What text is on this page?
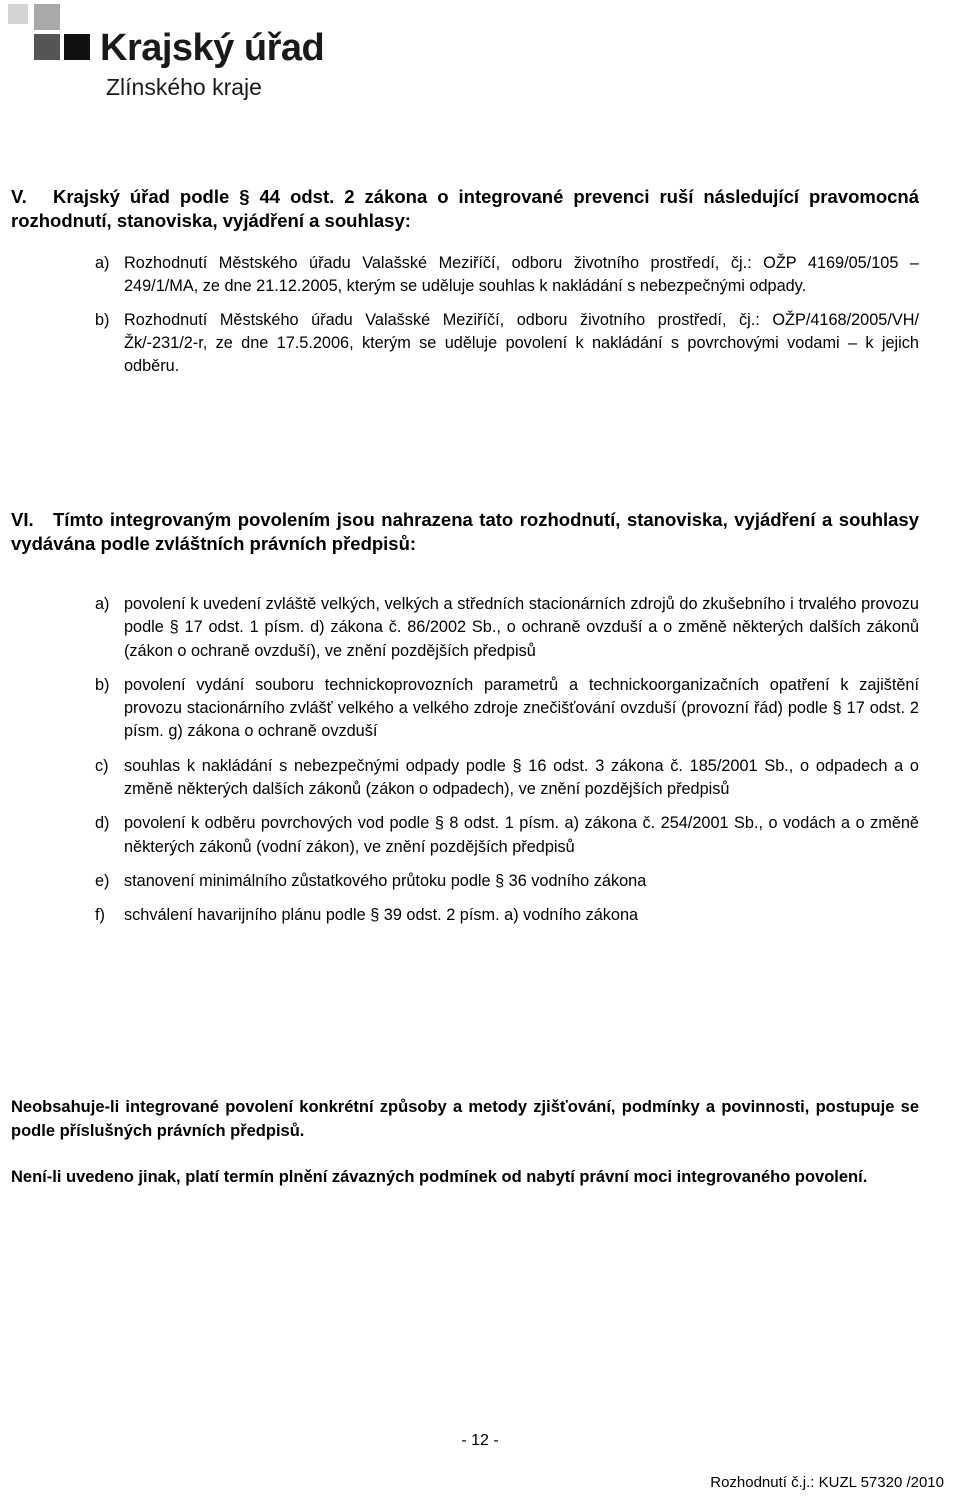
Krajský úřad
Zlínského kraje
V. Krajský úřad podle § 44 odst. 2 zákona o integrované prevenci ruší následující pravomocná rozhodnutí, stanoviska, vyjádření a souhlasy:
a) Rozhodnutí Městského úřadu Valašské Meziříčí, odboru životního prostředí, čj.: OŽP 4169/05/105 – 249/1/MA, ze dne 21.12.2005, kterým se uděluje souhlas k nakládání s nebezpečnými odpady.
b) Rozhodnutí Městského úřadu Valašské Meziříčí, odboru životního prostředí, čj.: OŽP/4168/2005/VH/Žk/-231/2-r, ze dne 17.5.2006, kterým se uděluje povolení k nakládání s povrchovými vodami – k jejich odběru.
VI. Tímto integrovaným povolením jsou nahrazena tato rozhodnutí, stanoviska, vyjádření a souhlasy vydávána podle zvláštních právních předpisů:
a) povolení k uvedení zvláště velkých, velkých a středních stacionárních zdrojů do zkušebního i trvalého provozu podle § 17 odst. 1 písm. d) zákona č. 86/2002 Sb., o ochraně ovzduší a o změně některých dalších zákonů (zákon o ochraně ovzduší), ve znění pozdějších předpisů
b) povolení vydání souboru technickoprovozních parametrů a technickoorganizačních opatření k zajištění provozu stacionárního zvlášť velkého a velkého zdroje znečišťování ovzduší (provozní řád) podle § 17 odst. 2 písm. g) zákona o ochraně ovzduší
c) souhlas k nakládání s nebezpečnými odpady podle § 16 odst. 3 zákona č. 185/2001 Sb., o odpadech a o změně některých dalších zákonů (zákon o odpadech), ve znění pozdějších předpisů
d) povolení k odběru povrchových vod podle § 8 odst. 1 písm. a) zákona č. 254/2001 Sb., o vodách a o změně některých zákonů (vodní zákon), ve znění pozdějších předpisů
e) stanovení minimálního zůstatkového průtoku podle § 36 vodního zákona
f) schválení havarijního plánu podle § 39 odst. 2 písm. a) vodního zákona
Neobsahuje-li integrované povolení konkrétní způsoby a metody zjišťování, podmínky a povinnosti, postupuje se podle příslušných právních předpisů.
Není-li uvedeno jinak, platí termín plnění závazných podmínek od nabytí právní moci integrovaného povolení.
- 12 -
Rozhodnutí č.j.: KUZL 57320 /2010
